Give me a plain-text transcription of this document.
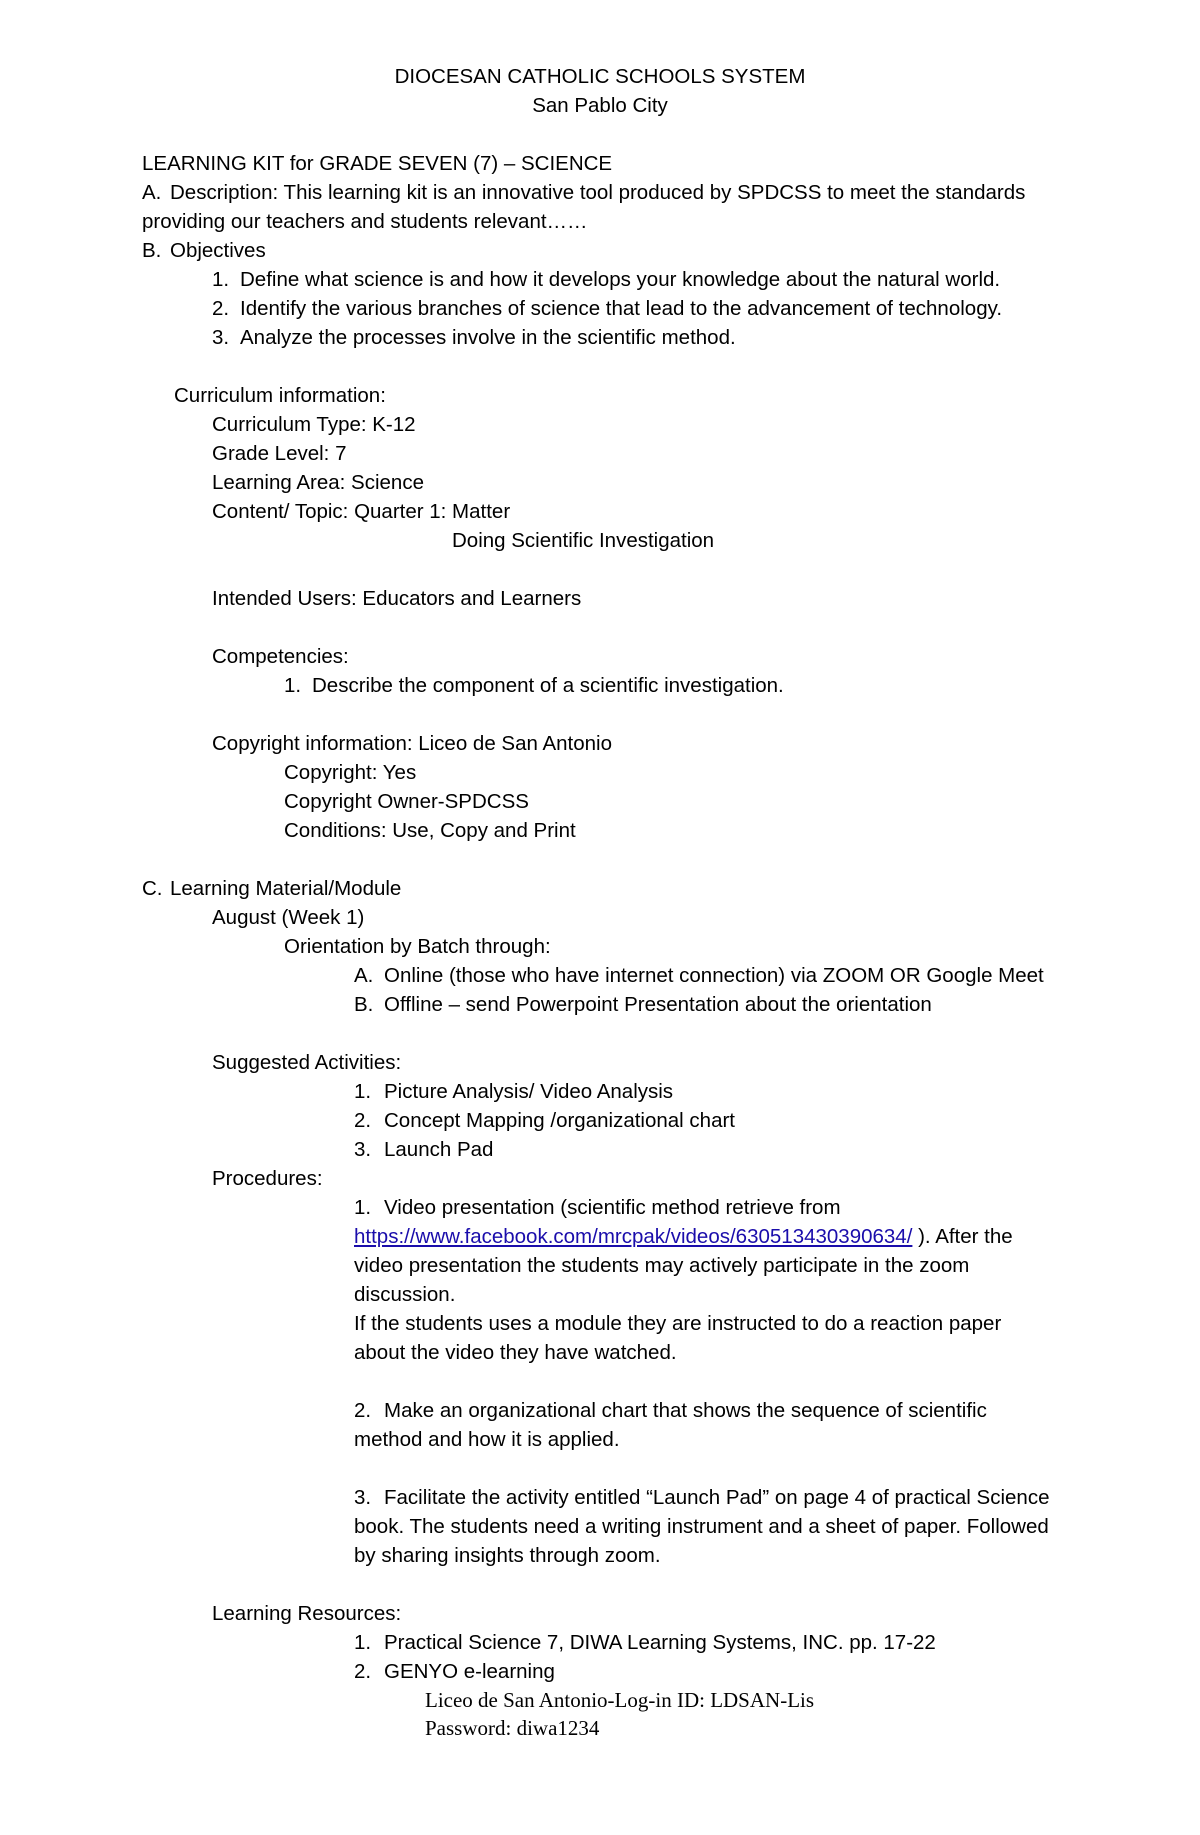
DIOCESAN CATHOLIC SCHOOLS SYSTEM
San Pablo City
LEARNING KIT for GRADE SEVEN (7) – SCIENCE
A. Description: This learning kit is an innovative tool produced by SPDCSS to meet the standards
providing our teachers and students relevant……
B. Objectives
1. Define what science is and how it develops your knowledge about the natural world.
2. Identify the various branches of science that lead to the advancement of technology.
3. Analyze the processes involve in the scientific method.
Curriculum information:
Curriculum Type: K-12
Grade Level: 7
Learning Area: Science
Content/ Topic: Quarter 1: Matter
Doing Scientific Investigation
Intended Users: Educators and Learners
Competencies:
1. Describe the component of a scientific investigation.
Copyright information: Liceo de San Antonio
Copyright: Yes
Copyright Owner-SPDCSS
Conditions: Use, Copy and Print
C. Learning Material/Module
August (Week 1)
Orientation by Batch through:
A. Online (those who have internet connection) via ZOOM OR Google Meet
B. Offline – send Powerpoint Presentation about the orientation
Suggested Activities:
1. Picture Analysis/ Video Analysis
2. Concept Mapping /organizational chart
3. Launch Pad
Procedures:
1. Video presentation (scientific method retrieve from
https://www.facebook.com/mrcpak/videos/630513430390634/ ). After the
video presentation the students may actively participate in the zoom
discussion.
If the students uses a module they are instructed to do a reaction paper
about the video they have watched.
2. Make an organizational chart that shows the sequence of scientific
method and how it is applied.
3. Facilitate the activity entitled “Launch Pad” on page 4 of practical Science
book. The students need a writing instrument and a sheet of paper. Followed
by sharing insights through zoom.
Learning Resources:
1. Practical Science 7, DIWA Learning Systems, INC. pp. 17-22
2. GENYO e-learning
Liceo de San Antonio-Log-in ID: LDSAN-Lis
Password: diwa1234
